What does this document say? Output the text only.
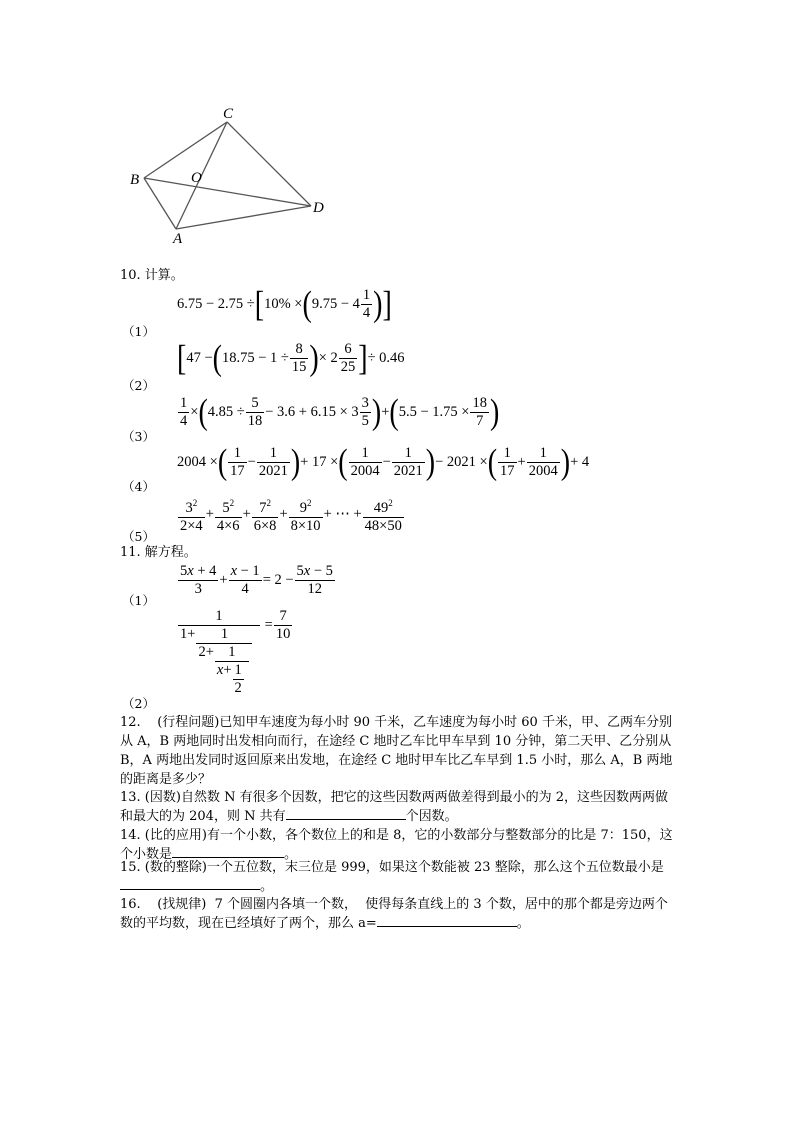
C
B	O
D
A
10. 计算。
$6.75 - 2.75 \div[10\% \times(9.75 - 4 \frac{1}{4}$ )]
（1）
[$47 -(18.75 - 1 \div \frac{8}{15}$ )× $2 \frac{6}{25}$ ]÷ 0.46
（2）
$\frac{1}{4} \times(4.85 \div \frac{5}{18} - 3.6 + 6.15 \times 3 \frac{3}{5} )+(5.5 - 1.75 \times \frac{18}{7}$ )
（3）
2004 ×( $\frac{1}{17} - \frac{1}{2021}$ )+ 17 ×( $\frac{1}{2004} - \frac{1}{2021}$ )− 2021 ×( $\frac{1}{17} + \frac{1}{2004}$ )+ 4
（4）
$\frac{3^2}{2\times 4} + \frac{5^2}{4\times 6} + \frac{7^2}{6\times 8} + \frac{9^2}{8\times 10}$ + ⋯ + $\frac{49^2}{48\times 50}$
（5）
11. 解方程。
$\frac{5x + 4}{3} + \frac{x - 1}{4} = 2 - \frac{5x - 5}{12}$
（1）
$\frac{1}{1+ \frac{1}{2+ \frac{1}{x+ \frac{1}{2}}}} = \frac{7}{10}$
（2）
12.    (行程问题)已知甲车速度为每小时 90 千米，乙车速度为每小时 60 千米，甲、乙两车分别从 A，B 两地同时出发相向而行，在途经 C 地时乙车比甲车早到 10 分钟，第二天甲、乙分别从 B，A 两地出发同时返回原来出发地，在途经 C 地时甲车比乙车早到 1.5 小时，那么 A，B 两地的距离是多少？
13. (因数)自然数 N 有很多个因数，把它的这些因数两两做差得到最小的为 2，这些因数两两做和最大的为 204，则 N 共有	个因数。
14. (比的应用)有一个小数，各个数位上的和是 8，它的小数部分与整数部分的比是 7：150，这个小数是	。
15. (数的整除)一个五位数，末三位是 999，如果这个数能被 23 整除，那么这个五位数最小是。
16.    (找规律)  7 个圆圈内各填一个数，  使得每条直线上的 3 个数，居中的那个都是旁边两个数的平均数，现在已经填好了两个，那么 a=	。
